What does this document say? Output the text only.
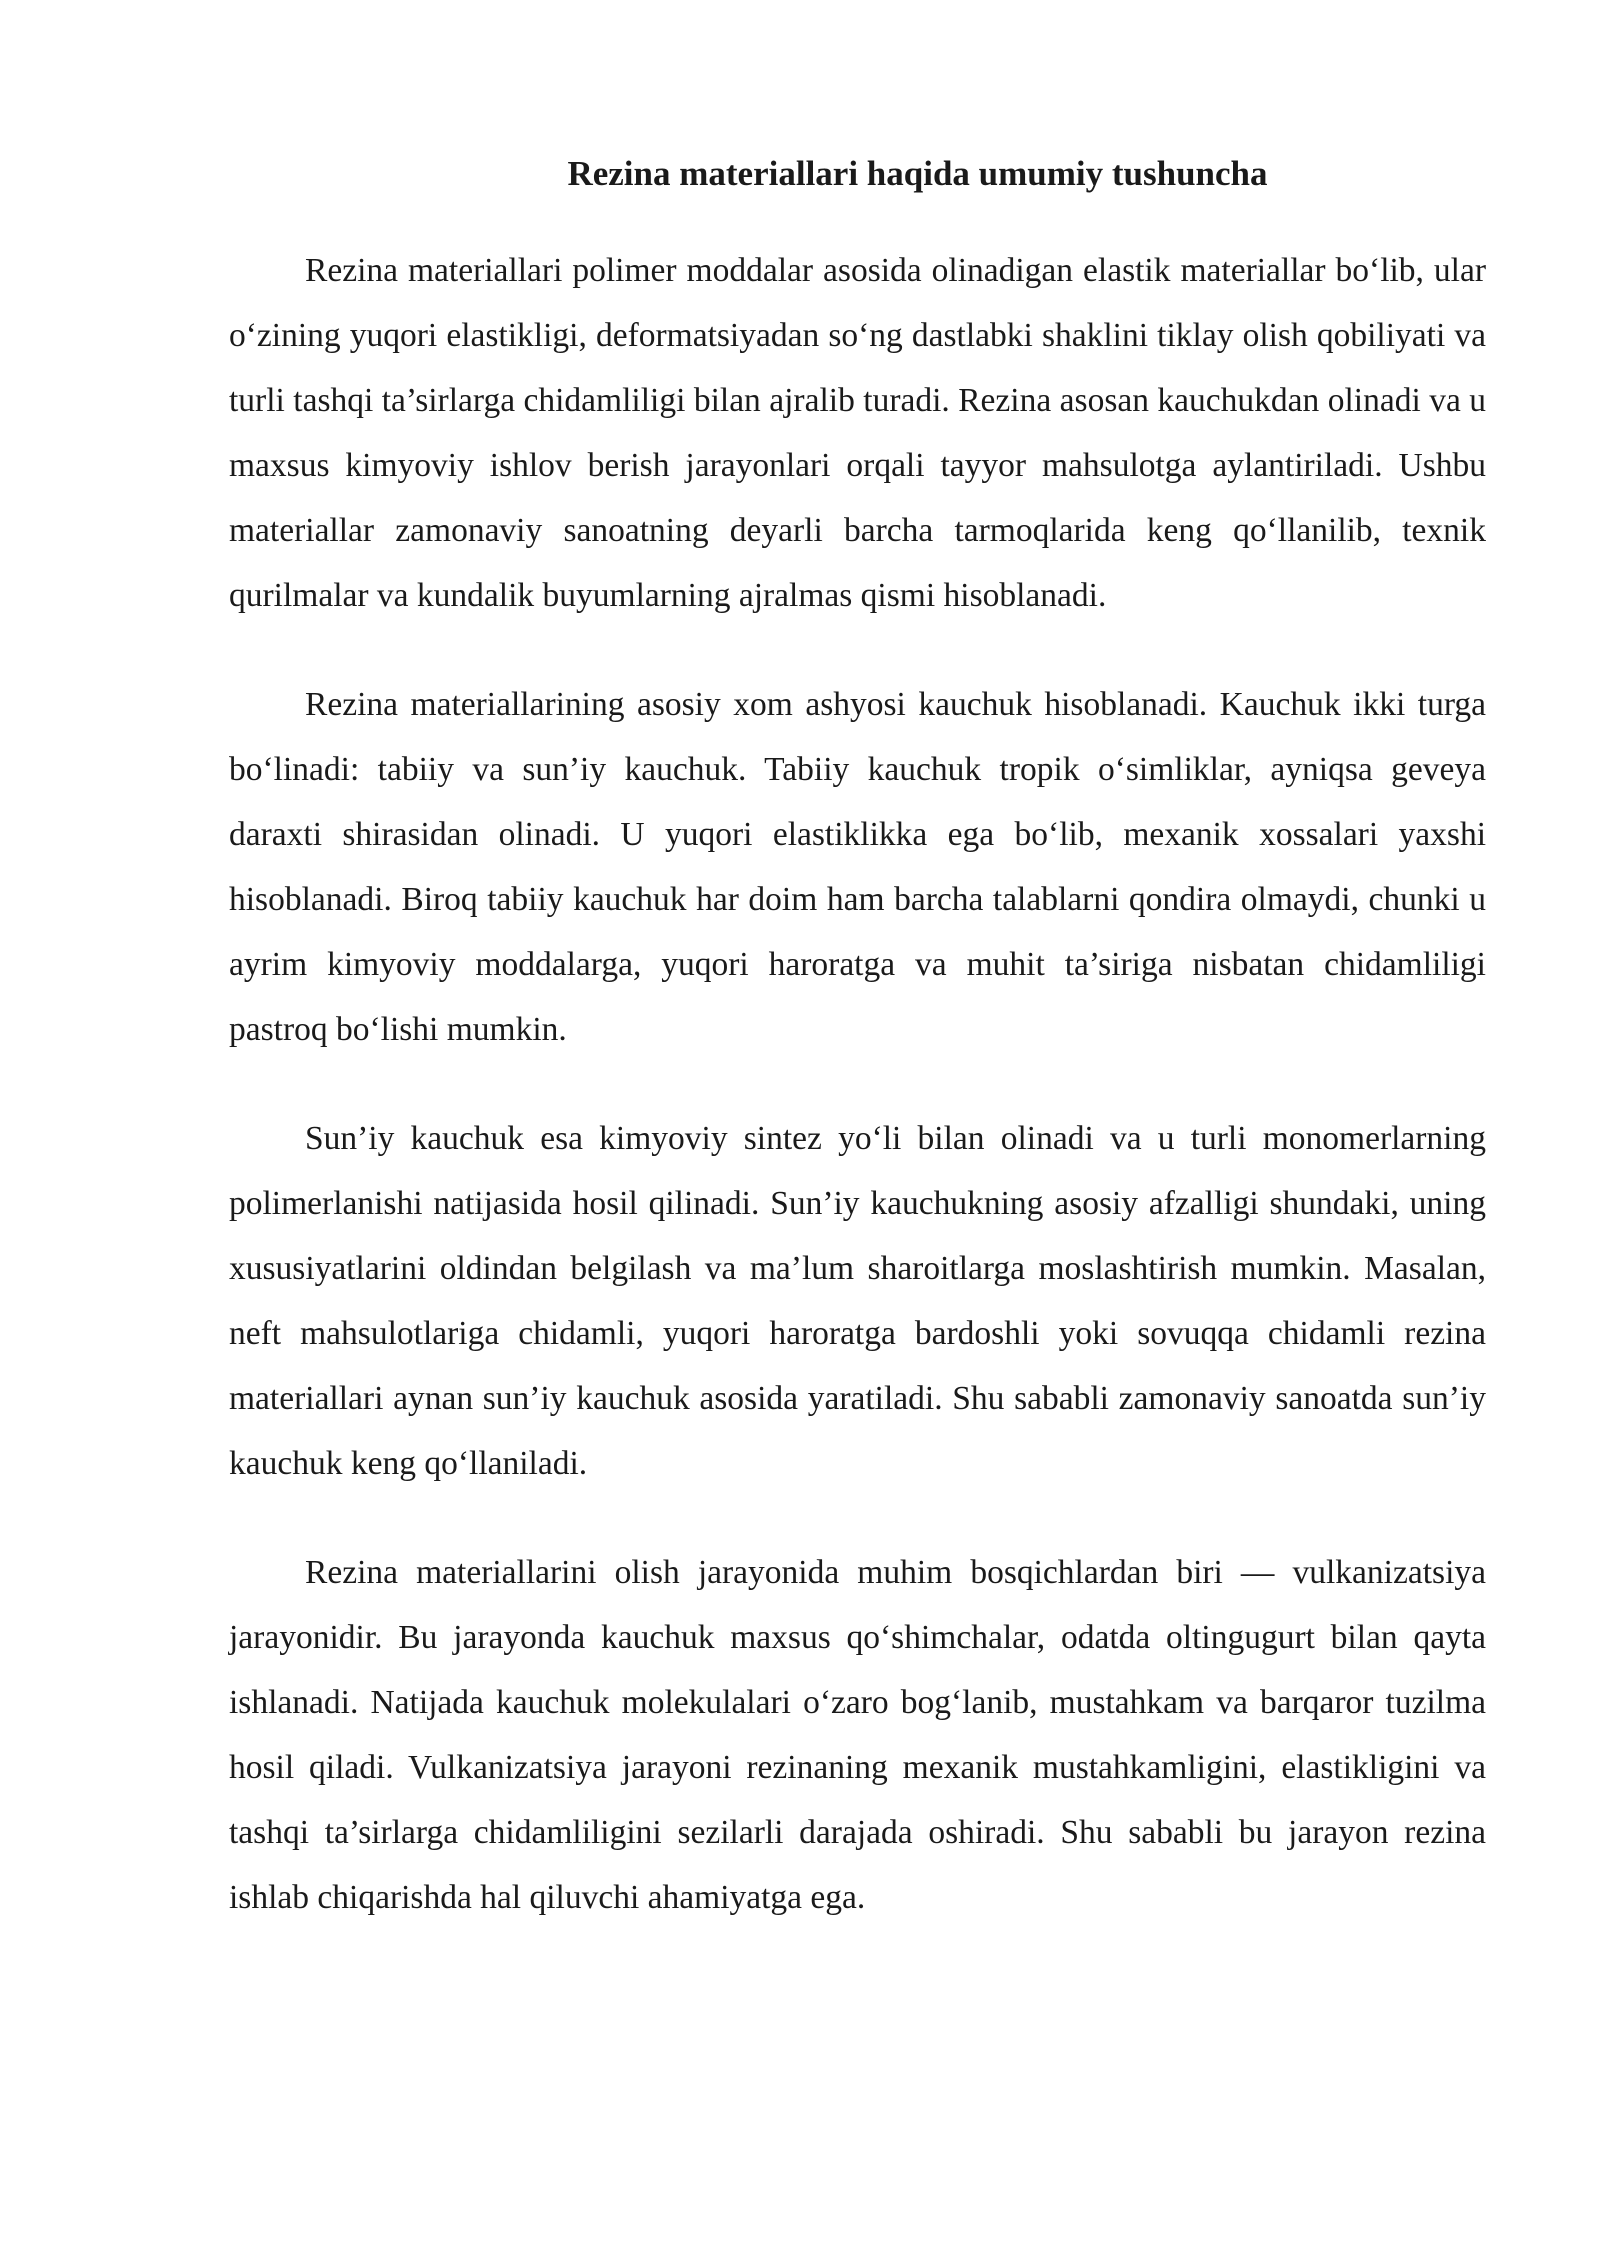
Rezina materiallari haqida umumiy tushuncha

Rezina materiallari polimer moddalar asosida olinadigan elastik materiallar bo‘lib, ular o‘zining yuqori elastikligi, deformatsiyadan so‘ng dastlabki shaklini tiklay olish qobiliyati va turli tashqi ta’sirlarga chidamliligi bilan ajralib turadi. Rezina asosan kauchukdan olinadi va u maxsus kimyoviy ishlov berish jarayonlari orqali tayyor mahsulotga aylantiriladi. Ushbu materiallar zamonaviy sanoatning deyarli barcha tarmoqlarida keng qo‘llanilib, texnik qurilmalar va kundalik buyumlarning ajralmas qismi hisoblanadi.

Rezina materiallarining asosiy xom ashyosi kauchuk hisoblanadi. Kauchuk ikki turga bo‘linadi: tabiiy va sun’iy kauchuk. Tabiiy kauchuk tropik o‘simliklar, ayniqsa geveya daraxti shirasidan olinadi. U yuqori elastiklikka ega bo‘lib, mexanik xossalari yaxshi hisoblanadi. Biroq tabiiy kauchuk har doim ham barcha talablarni qondira olmaydi, chunki u ayrim kimyoviy moddalarga, yuqori haroratga va muhit ta’siriga nisbatan chidamliligi pastroq bo‘lishi mumkin.

Sun’iy kauchuk esa kimyoviy sintez yo‘li bilan olinadi va u turli monomerlarning polimerlanishi natijasida hosil qilinadi. Sun’iy kauchukning asosiy afzalligi shundaki, uning xususiyatlarini oldindan belgilash va ma’lum sharoitlarga moslashtirish mumkin. Masalan, neft mahsulotlariga chidamli, yuqori haroratga bardoshli yoki sovuqqa chidamli rezina materiallari aynan sun’iy kauchuk asosida yaratiladi. Shu sababli zamonaviy sanoatda sun’iy kauchuk keng qo‘llaniladi.

Rezina materiallarini olish jarayonida muhim bosqichlardan biri — vulkanizatsiya jarayonidir. Bu jarayonda kauchuk maxsus qo‘shimchalar, odatda oltingugurt bilan qayta ishlanadi. Natijada kauchuk molekulalari o‘zaro bog‘lanib, mustahkam va barqaror tuzilma hosil qiladi. Vulkanizatsiya jarayoni rezinaning mexanik mustahkamligini, elastikligini va tashqi ta’sirlarga chidamliligini sezilarli darajada oshiradi. Shu sababli bu jarayon rezina ishlab chiqarishda hal qiluvchi ahamiyatga ega.
